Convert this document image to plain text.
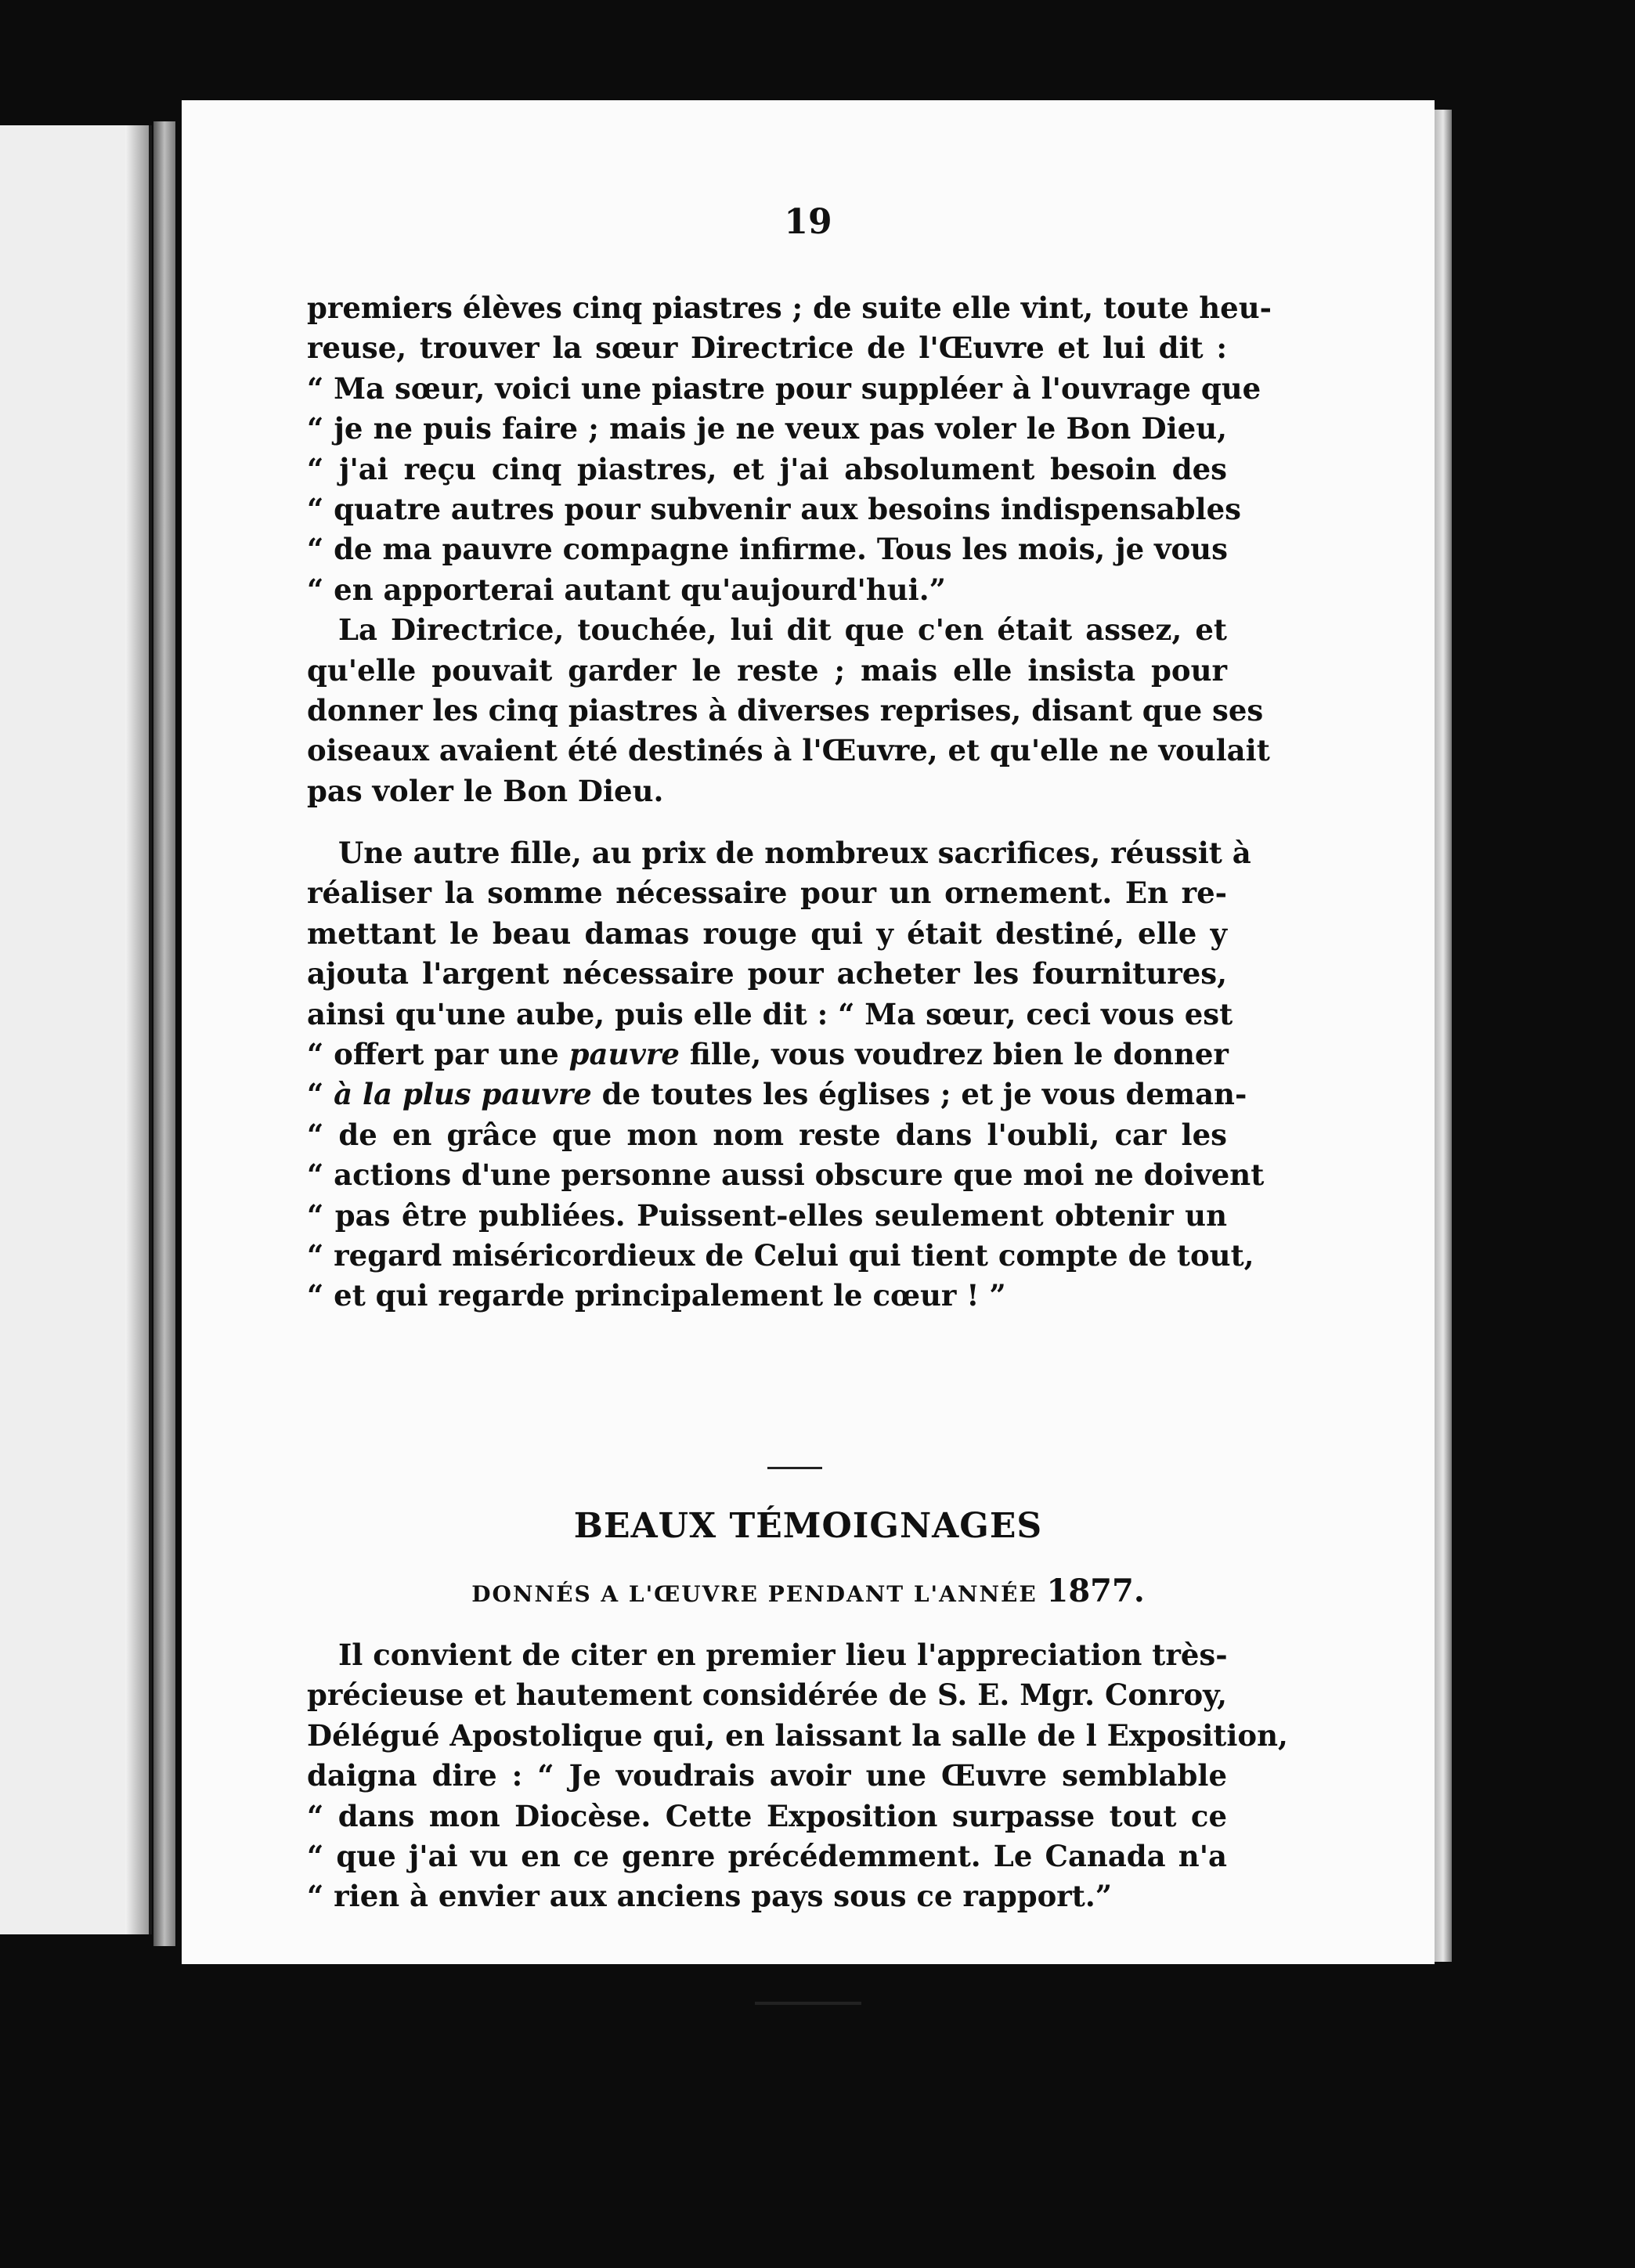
19
premiers élèves cinq piastres ; de suite elle vint, toute heu-
reuse, trouver la sœur Directrice de l'Œuvre et lui dit :
“ Ma sœur, voici une piastre pour suppléer à l'ouvrage que
“ je ne puis faire ; mais je ne veux pas voler le Bon Dieu,
“ j'ai reçu cinq piastres, et j'ai absolument besoin des
“ quatre autres pour subvenir aux besoins indispensables
“ de ma pauvre compagne infirme. Tous les mois, je vous
“ en apporterai autant qu'aujourd'hui.”
La Directrice, touchée, lui dit que c'en était assez, et
qu'elle pouvait garder le reste ; mais elle insista pour
donner les cinq piastres à diverses reprises, disant que ses
oiseaux avaient été destinés à l'Œuvre, et qu'elle ne voulait
pas voler le Bon Dieu.
Une autre fille, au prix de nombreux sacrifices, réussit à
réaliser la somme nécessaire pour un ornement. En re-
mettant le beau damas rouge qui y était destiné, elle y
ajouta l'argent nécessaire pour acheter les fournitures,
ainsi qu'une aube, puis elle dit : “ Ma sœur, ceci vous est
“ offert par une pauvre fille, vous voudrez bien le donner
“ à la plus pauvre de toutes les églises ; et je vous deman-
“ de en grâce que mon nom reste dans l'oubli, car les
“ actions d'une personne aussi obscure que moi ne doivent
“ pas être publiées. Puissent-elles seulement obtenir un
“ regard miséricordieux de Celui qui tient compte de tout,
“ et qui regarde principalement le cœur ! ”
BEAUX TÉMOIGNAGES
DONNÉS A L'ŒUVRE PENDANT L'ANNÉE 1877.
Il convient de citer en premier lieu l'appreciation très-
précieuse et hautement considérée de S. E. Mgr. Conroy,
Délégué Apostolique qui, en laissant la salle de l Exposition,
daigna dire : “ Je voudrais avoir une Œuvre semblable
“ dans mon Diocèse. Cette Exposition surpasse tout ce
“ que j'ai vu en ce genre précédemment. Le Canada n'a
“ rien à envier aux anciens pays sous ce rapport.”
